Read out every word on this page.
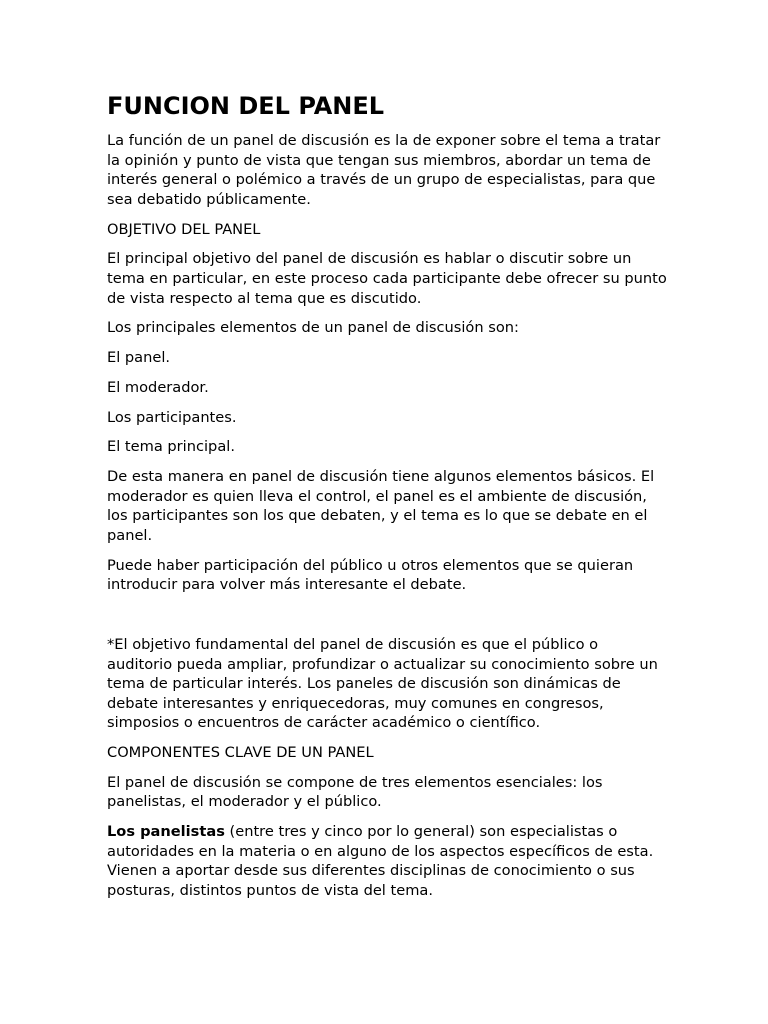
FUNCION DEL PANEL

La función de un panel de discusión es la de exponer sobre el tema a tratar la opinión y punto de vista que tengan sus miembros, abordar un tema de interés general o polémico a través de un grupo de especialistas, para que sea debatido públicamente.

OBJETIVO DEL PANEL

El principal objetivo del panel de discusión es hablar o discutir sobre un tema en particular, en este proceso cada participante debe ofrecer su punto de vista respecto al tema que es discutido.

Los principales elementos de un panel de discusión son:

El panel.

El moderador.

Los participantes.

El tema principal.

De esta manera en panel de discusión tiene algunos elementos básicos. El moderador es quien lleva el control, el panel es el ambiente de discusión, los participantes son los que debaten, y el tema es lo que se debate en el panel.

Puede haber participación del público u otros elementos que se quieran introducir para volver más interesante el debate.

*El objetivo fundamental del panel de discusión es que el público o auditorio pueda ampliar, profundizar o actualizar su conocimiento sobre un tema de particular interés. Los paneles de discusión son dinámicas de debate interesantes y enriquecedoras, muy comunes en congresos, simposios o encuentros de carácter académico o científico.

COMPONENTES CLAVE DE UN PANEL

El panel de discusión se compone de tres elementos esenciales: los panelistas, el moderador y el público.

Los panelistas (entre tres y cinco por lo general) son especialistas o autoridades en la materia o en alguno de los aspectos específicos de esta. Vienen a aportar desde sus diferentes disciplinas de conocimiento o sus posturas, distintos puntos de vista del tema.
